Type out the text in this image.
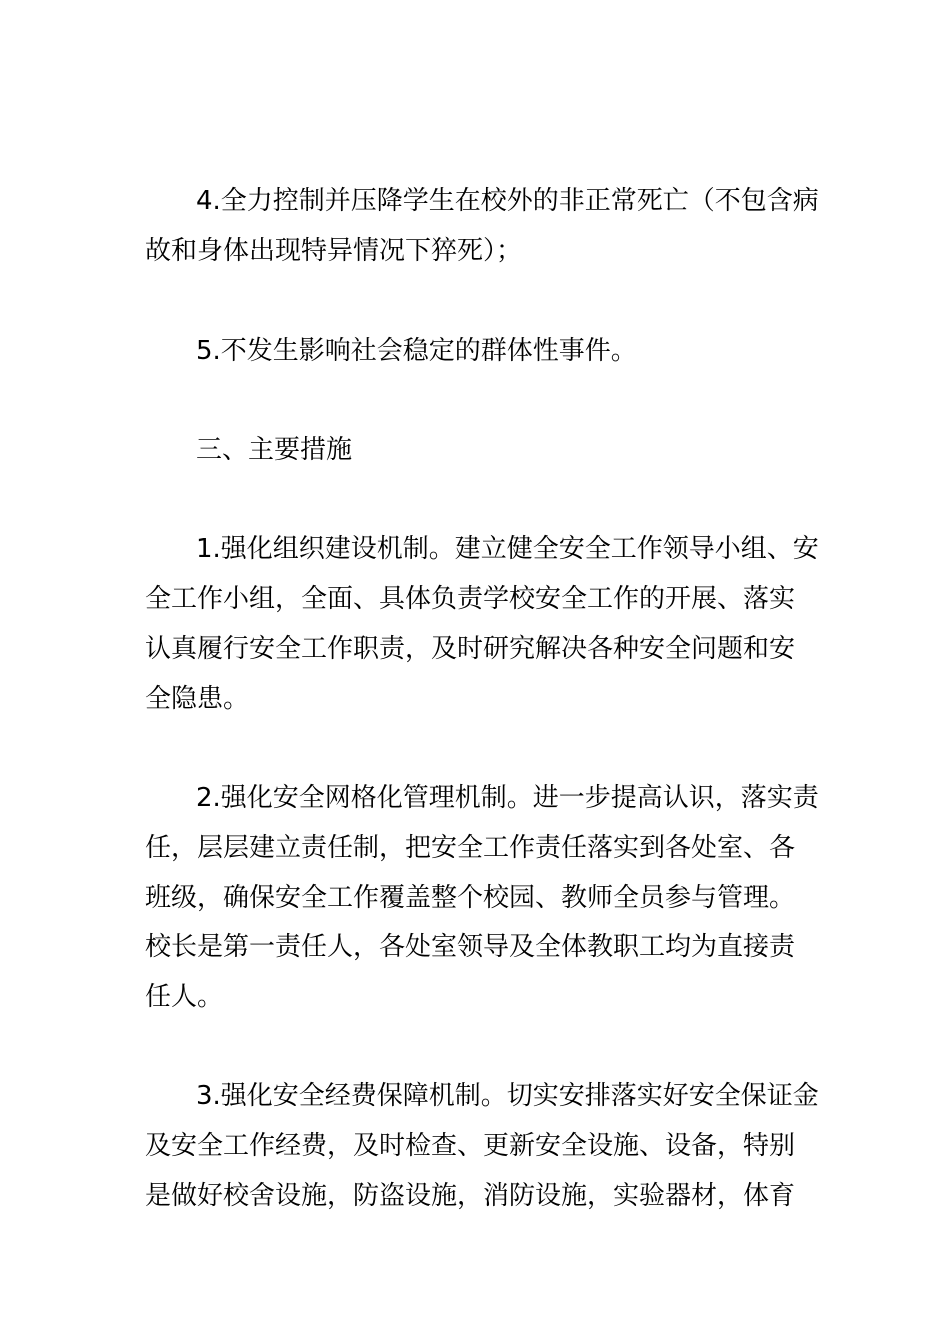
4.全力控制并压降学生在校外的非正常死亡（不包含病
故和身体出现特异情况下猝死）；
5.不发生影响社会稳定的群体性事件。
三、主要措施
1.强化组织建设机制。建立健全安全工作领导小组、安
全工作小组，全面、具体负责学校安全工作的开展、落实
认真履行安全工作职责，及时研究解决各种安全问题和安
全隐患。
2.强化安全网格化管理机制。进一步提高认识，落实责
任，层层建立责任制，把安全工作责任落实到各处室、各
班级，确保安全工作覆盖整个校园、教师全员参与管理。
校长是第一责任人，各处室领导及全体教职工均为直接责
任人。
3.强化安全经费保障机制。切实安排落实好安全保证金
及安全工作经费，及时检查、更新安全设施、设备，特别
是做好校舍设施，防盗设施，消防设施，实验器材，体育
